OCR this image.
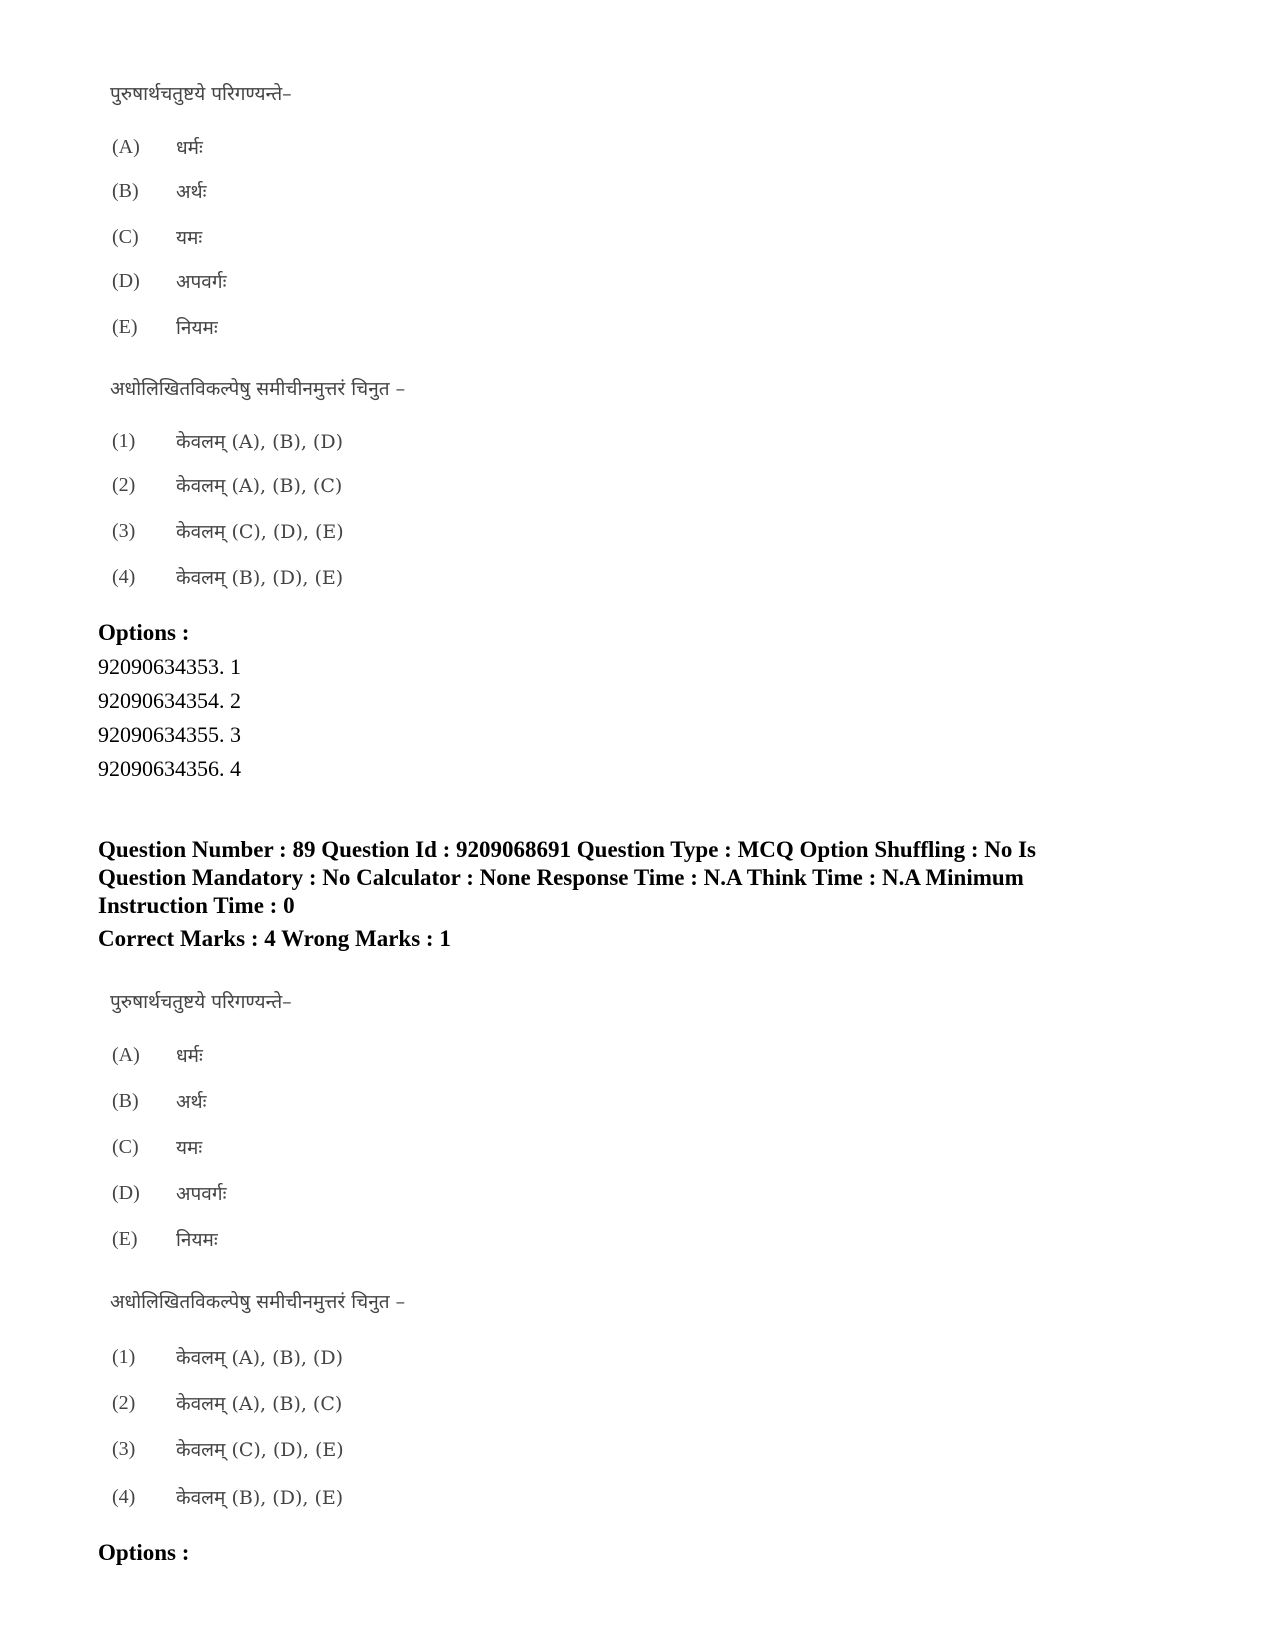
पुरुषार्थचतुष्टये परिगण्यन्ते–
(A) धर्मः
(B) अर्थः
(C) यमः
(D) अपवर्गः
(E) नियमः
अधोलिखितविकल्पेषु समीचीनमुत्तरं चिनुत –
(1) केवलम् (A), (B), (D)
(2) केवलम् (A), (B), (C)
(3) केवलम् (C), (D), (E)
(4) केवलम् (B), (D), (E)
Options :
92090634353. 1
92090634354. 2
92090634355. 3
92090634356. 4
Question Number : 89 Question Id : 9209068691 Question Type : MCQ Option Shuffling : No Is Question Mandatory : No Calculator : None Response Time : N.A Think Time : N.A Minimum Instruction Time : 0
Correct Marks : 4 Wrong Marks : 1
पुरुषार्थचतुष्टये परिगण्यन्ते–
(A) धर्मः
(B) अर्थः
(C) यमः
(D) अपवर्गः
(E) नियमः
अधोलिखितविकल्पेषु समीचीनमुत्तरं चिनुत –
(1) केवलम् (A), (B), (D)
(2) केवलम् (A), (B), (C)
(3) केवलम् (C), (D), (E)
(4) केवलम् (B), (D), (E)
Options :
